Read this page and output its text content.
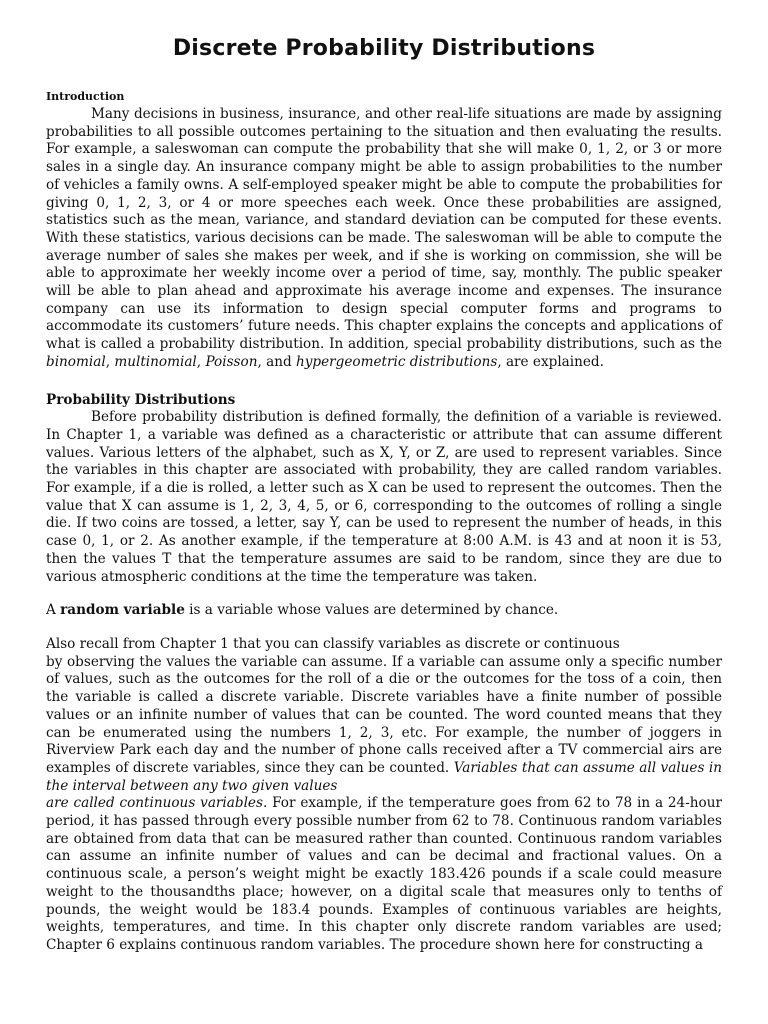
Discrete Probability Distributions
Introduction

Many decisions in business, insurance, and other real-life situations are made by assigning probabilities to all possible outcomes pertaining to the situation and then evaluating the results. For example, a saleswoman can compute the probability that she will make 0, 1, 2, or 3 or more sales in a single day. An insurance company might be able to assign probabilities to the number of vehicles a family owns. A self-employed speaker might be able to compute the probabilities for giving 0, 1, 2, 3, or 4 or more speeches each week. Once these probabilities are assigned, statistics such as the mean, variance, and standard deviation can be computed for these events. With these statistics, various decisions can be made. The saleswoman will be able to compute the average number of sales she makes per week, and if she is working on commission, she will be able to approximate her weekly income over a period of time, say, monthly. The public speaker will be able to plan ahead and approximate his average income and expenses. The insurance company can use its information to design special computer forms and programs to accommodate its customers’ future needs. This chapter explains the concepts and applications of what is called a probability distribution. In addition, special probability distributions, such as the binomial, multinomial, Poisson, and hypergeometric distributions, are explained.

Probability Distributions

Before probability distribution is defined formally, the definition of a variable is reviewed. In Chapter 1, a variable was defined as a characteristic or attribute that can assume different values. Various letters of the alphabet, such as X, Y, or Z, are used to represent variables. Since the variables in this chapter are associated with probability, they are called random variables. For example, if a die is rolled, a letter such as X can be used to represent the outcomes. Then the value that X can assume is 1, 2, 3, 4, 5, or 6, corresponding to the outcomes of rolling a single die. If two coins are tossed, a letter, say Y, can be used to represent the number of heads, in this case 0, 1, or 2. As another example, if the temperature at 8:00 A.M. is 43 and at noon it is 53, then the values T that the temperature assumes are said to be random, since they are due to various atmospheric conditions at the time the temperature was taken.

A random variable is a variable whose values are determined by chance.

Also recall from Chapter 1 that you can classify variables as discrete or continuous

by observing the values the variable can assume. If a variable can assume only a specific number of values, such as the outcomes for the roll of a die or the outcomes for the toss of a coin, then the variable is called a discrete variable. Discrete variables have a finite number of possible values or an infinite number of values that can be counted. The word counted means that they can be enumerated using the numbers 1, 2, 3, etc. For example, the number of joggers in Riverview Park each day and the number of phone calls received after a TV commercial airs are examples of discrete variables, since they can be counted. Variables that can assume all values in the interval between any two given values
are called continuous variables. For example, if the temperature goes from 62 to 78 in a 24-hour period, it has passed through every possible number from 62 to 78. Continuous random variables are obtained from data that can be measured rather than counted. Continuous random variables can assume an infinite number of values and can be decimal and fractional values. On a continuous scale, a person’s weight might be exactly 183.426 pounds if a scale could measure weight to the thousandths place; however, on a digital scale that measures only to tenths of pounds, the weight would be 183.4 pounds. Examples of continuous variables are heights, weights, temperatures, and time. In this chapter only discrete random variables are used; Chapter 6 explains continuous random variables. The procedure shown here for constructing a
